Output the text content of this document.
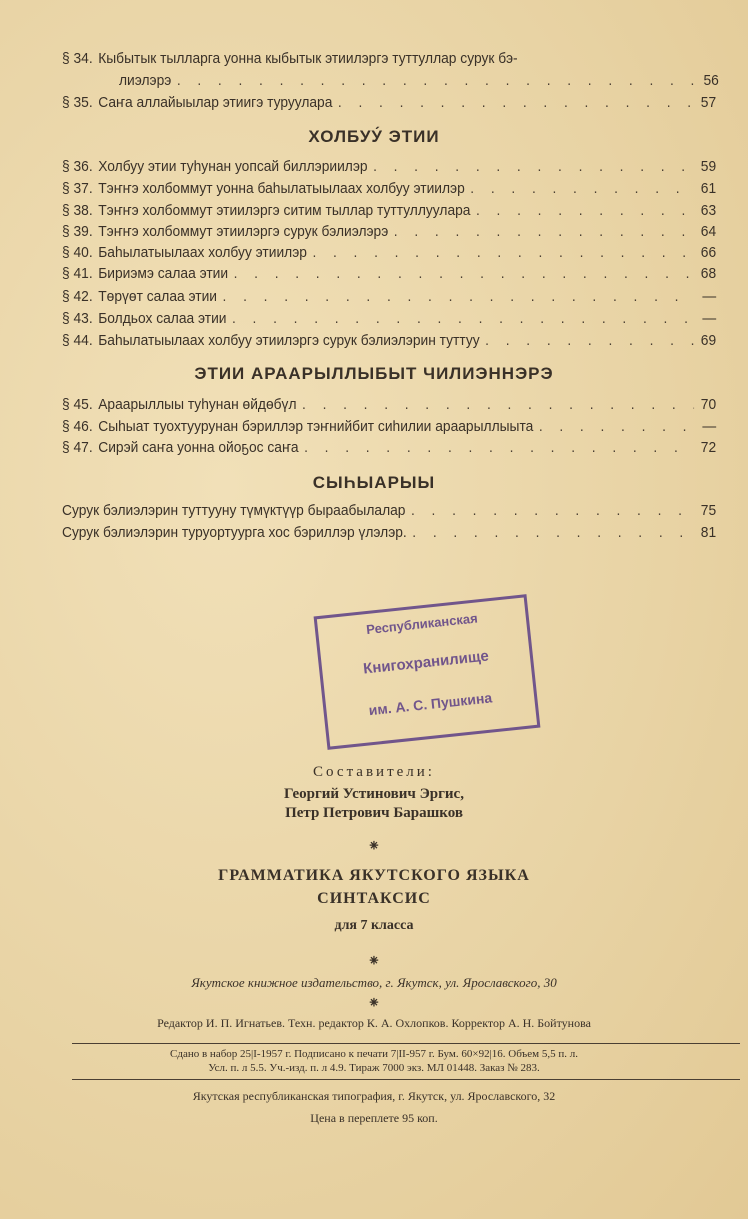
§ 34. Кыбытык тылларга уонна кыбытык этиилэргэ туттуллар сурук бэ-
лиэлэрэ . . .	56
§ 35. Саҥа аллайыылар этиигэ туруулара . . .	57
ХОЛБУУ́ ЭТИИ
§ 36. Холбуу этии туһунан уопсай биллэриилэр . . .	59
§ 37. Тэҥҥэ холбоммут уонна баһылатыылаах холбуу этиилэр . . .	61
§ 38. Тэҥҥэ холбоммут этиилэргэ ситим тыллар туттуллуулара . . .	63
§ 39. Тэҥҥэ холбоммут этиилэргэ сурук бэлиэлэрэ . . .	64
§ 40. Баһылатыылаах холбуу этиилэр . . .	66
§ 41. Бириэмэ салаа этии . . .	68
§ 42. Төрүөт салаа этии . . .	—
§ 43. Болдьох салаа этии . . .	—
§ 44. Баһылатыылаах холбуу этиилэргэ сурук бэлиэлэрин туттуу . . .	69
ЭТИИ АРААРЫЛЛЫБЫТ ЧИЛИЭННЭРЭ
§ 45. Араарыллыы туһунан өйдөбүл . . .	70
§ 46. Сыһыат туохтуурунан бэриллэр тэҥнийбит сиһилии араарыллыыта . . .	—
§ 47. Сирэй саҥа уонна ойоҕос саҥа . . .	72
СЫҺЫАРЫЫ
Сурук бэлиэлэрин туттууну түмүктүүр быраабылалар . . .	75
Сурук бэлиэлэрин туруортуурга хос бэриллэр үлэлэр. . . .	81
Республиканская
Книгохранилище
им. А. С. Пушкина
Составители:
Георгий Устинович Эргис,
Петр Петрович Барашков
⁕
ГРАММАТИКА ЯКУТСКОГО ЯЗЫКА
СИНТАКСИС
для 7 класса
⁕
Якутское книжное издательство, г. Якутск, ул. Ярославского, 30
⁕
Редактор И. П. Игнатьев. Техн. редактор К. А. Охлопков. Корректор А. Н. Бойтунова
Сдано в набор 25|I-1957 г. Подписано к печати 7|II-957 г. Бум. 60×92|16. Объем 5,5 п. л.
Усл. п. л 5.5. Уч.-изд. п. л 4.9. Тираж 7000 экз. МЛ 01448. Заказ № 283.
Якутская республиканская типография, г. Якутск, ул. Ярославского, 32
Цена в переплете 95 коп.
